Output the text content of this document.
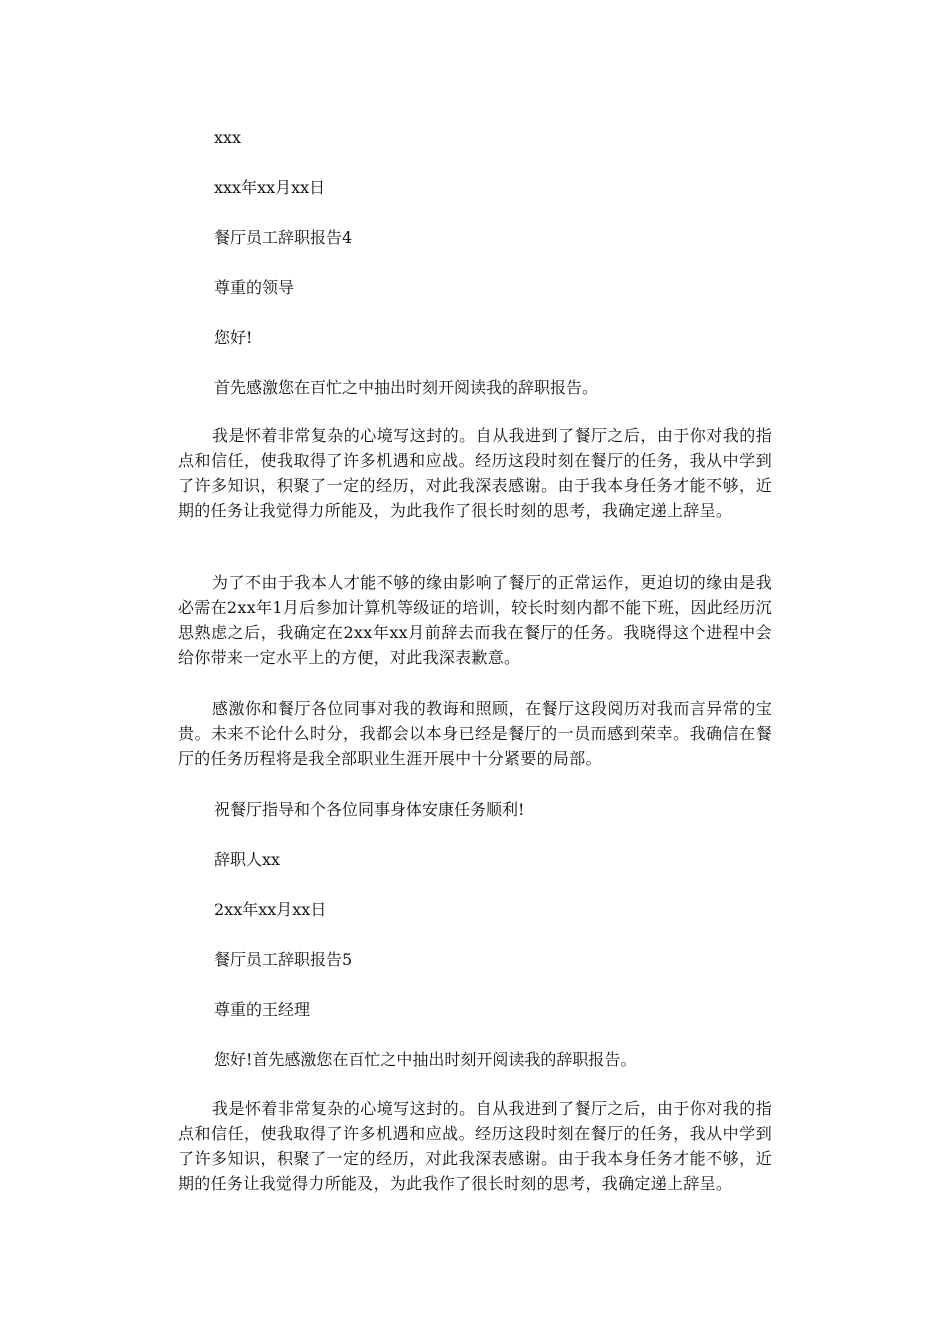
xxx
xxx年xx月xx日
餐厅员工辞职报告4
尊重的领导
您好!
首先感激您在百忙之中抽出时刻开阅读我的辞职报告。
我是怀着非常复杂的心境写这封的。自从我进到了餐厅之后，由于你对我的指点和信任，使我取得了许多机遇和应战。经历这段时刻在餐厅的任务，我从中学到了许多知识，积聚了一定的经历，对此我深表感谢。由于我本身任务才能不够，近期的任务让我觉得力所能及，为此我作了很长时刻的思考，我确定递上辞呈。
为了不由于我本人才能不够的缘由影响了餐厅的正常运作，更迫切的缘由是我必需在2xx年1月后参加计算机等级证的培训，较长时刻内都不能下班，因此经历沉思熟虑之后，我确定在2xx年xx月前辞去而我在餐厅的任务。我晓得这个进程中会给你带来一定水平上的方便，对此我深表歉意。
感激你和餐厅各位同事对我的教诲和照顾，在餐厅这段阅历对我而言异常的宝贵。未来不论什么时分，我都会以本身已经是餐厅的一员而感到荣幸。我确信在餐厅的任务历程将是我全部职业生涯开展中十分紧要的局部。
祝餐厅指导和个各位同事身体安康任务顺利!
辞职人xx
2xx年xx月xx日
餐厅员工辞职报告5
尊重的王经理
您好!首先感激您在百忙之中抽出时刻开阅读我的辞职报告。
我是怀着非常复杂的心境写这封的。自从我进到了餐厅之后，由于你对我的指点和信任，使我取得了许多机遇和应战。经历这段时刻在餐厅的任务，我从中学到了许多知识，积聚了一定的经历，对此我深表感谢。由于我本身任务才能不够，近期的任务让我觉得力所能及，为此我作了很长时刻的思考，我确定递上辞呈。
